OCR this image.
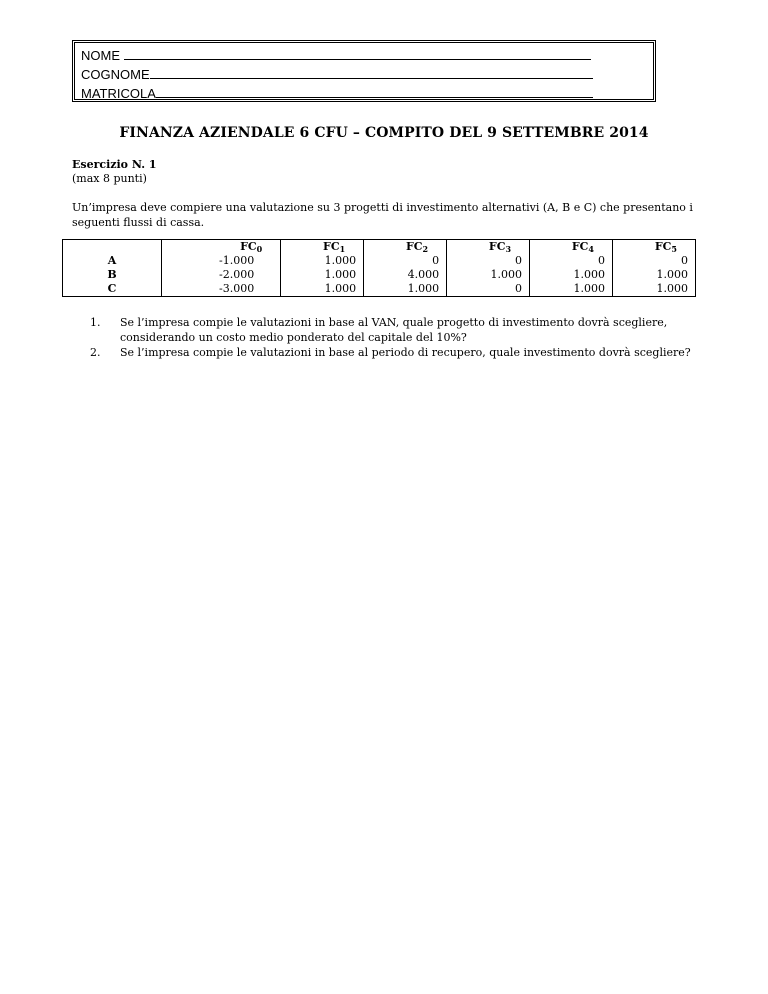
NOME
COGNOME
MATRICOLA
FINANZA AZIENDALE 6 CFU – COMPITO DEL 9 SETTEMBRE 2014
Esercizio N. 1
(max 8 punti)
Un’impresa deve compiere una valutazione su 3 progetti di investimento alternativi (A, B e C) che presentano i seguenti flussi di cassa.
	$FC_0$	$FC_1$	$FC_2$	$FC_3$	$FC_4$	$FC_5$
A	-1.000	1.000	0	0	0	0
B	-2.000	1.000	4.000	1.000	1.000	1.000
C	-3.000	1.000	1.000	0	1.000	1.000
1. Se l’impresa compie le valutazioni in base al VAN, quale progetto di investimento dovrà scegliere, considerando un costo medio ponderato del capitale del 10%?
2. Se l’impresa compie le valutazioni in base al periodo di recupero, quale investimento dovrà scegliere?
